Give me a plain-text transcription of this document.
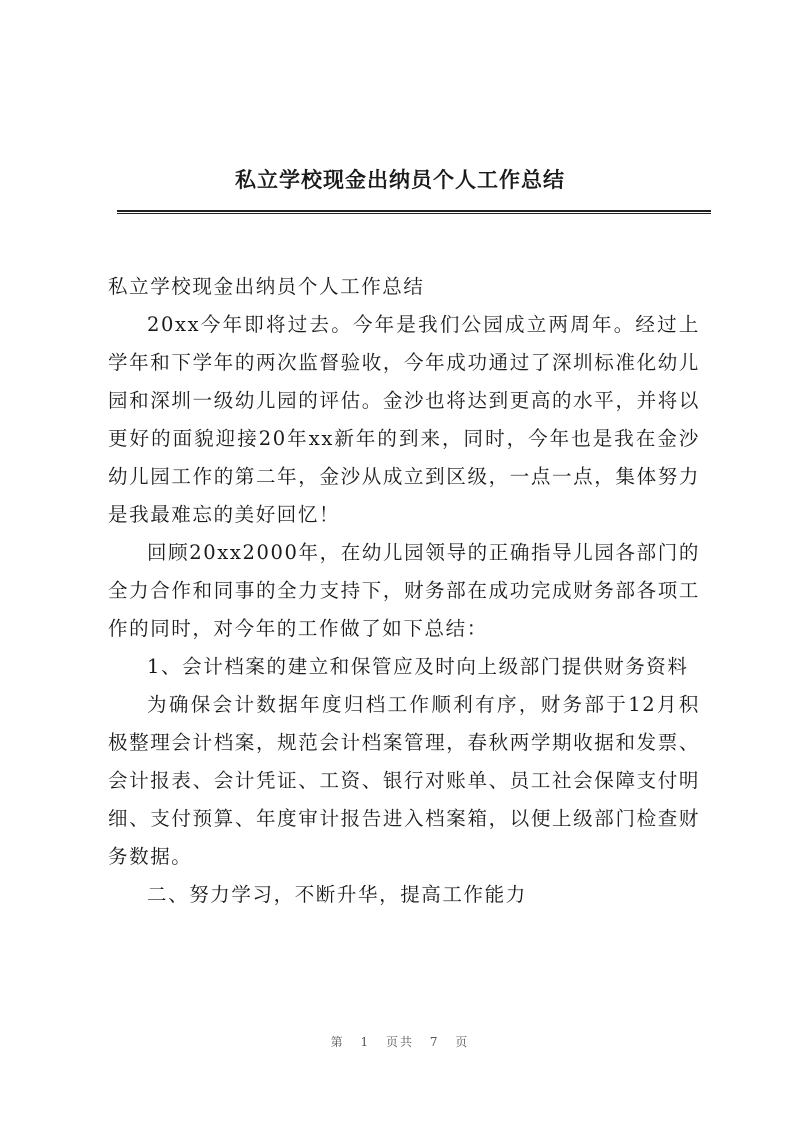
私立学校现金出纳员个人工作总结

私立学校现金出纳员个人工作总结

20xx今年即将过去。今年是我们公园成立两周年。经过上学年和下学年的两次监督验收，今年成功通过了深圳标准化幼儿园和深圳一级幼儿园的评估。金沙也将达到更高的水平，并将以更好的面貌迎接20年xx新年的到来，同时，今年也是我在金沙幼儿园工作的第二年，金沙从成立到区级，一点一点，集体努力是我最难忘的美好回忆！

回顾20xx2000年，在幼儿园领导的正确指导儿园各部门的全力合作和同事的全力支持下，财务部在成功完成财务部各项工作的同时，对今年的工作做了如下总结：

1、会计档案的建立和保管应及时向上级部门提供财务资料

为确保会计数据年度归档工作顺利有序，财务部于12月积极整理会计档案，规范会计档案管理，春秋两学期收据和发票、会计报表、会计凭证、工资、银行对账单、员工社会保障支付明细、支付预算、年度审计报告进入档案箱，以便上级部门检查财务数据。

二、努力学习，不断升华，提高工作能力

第 1 页共 7 页
